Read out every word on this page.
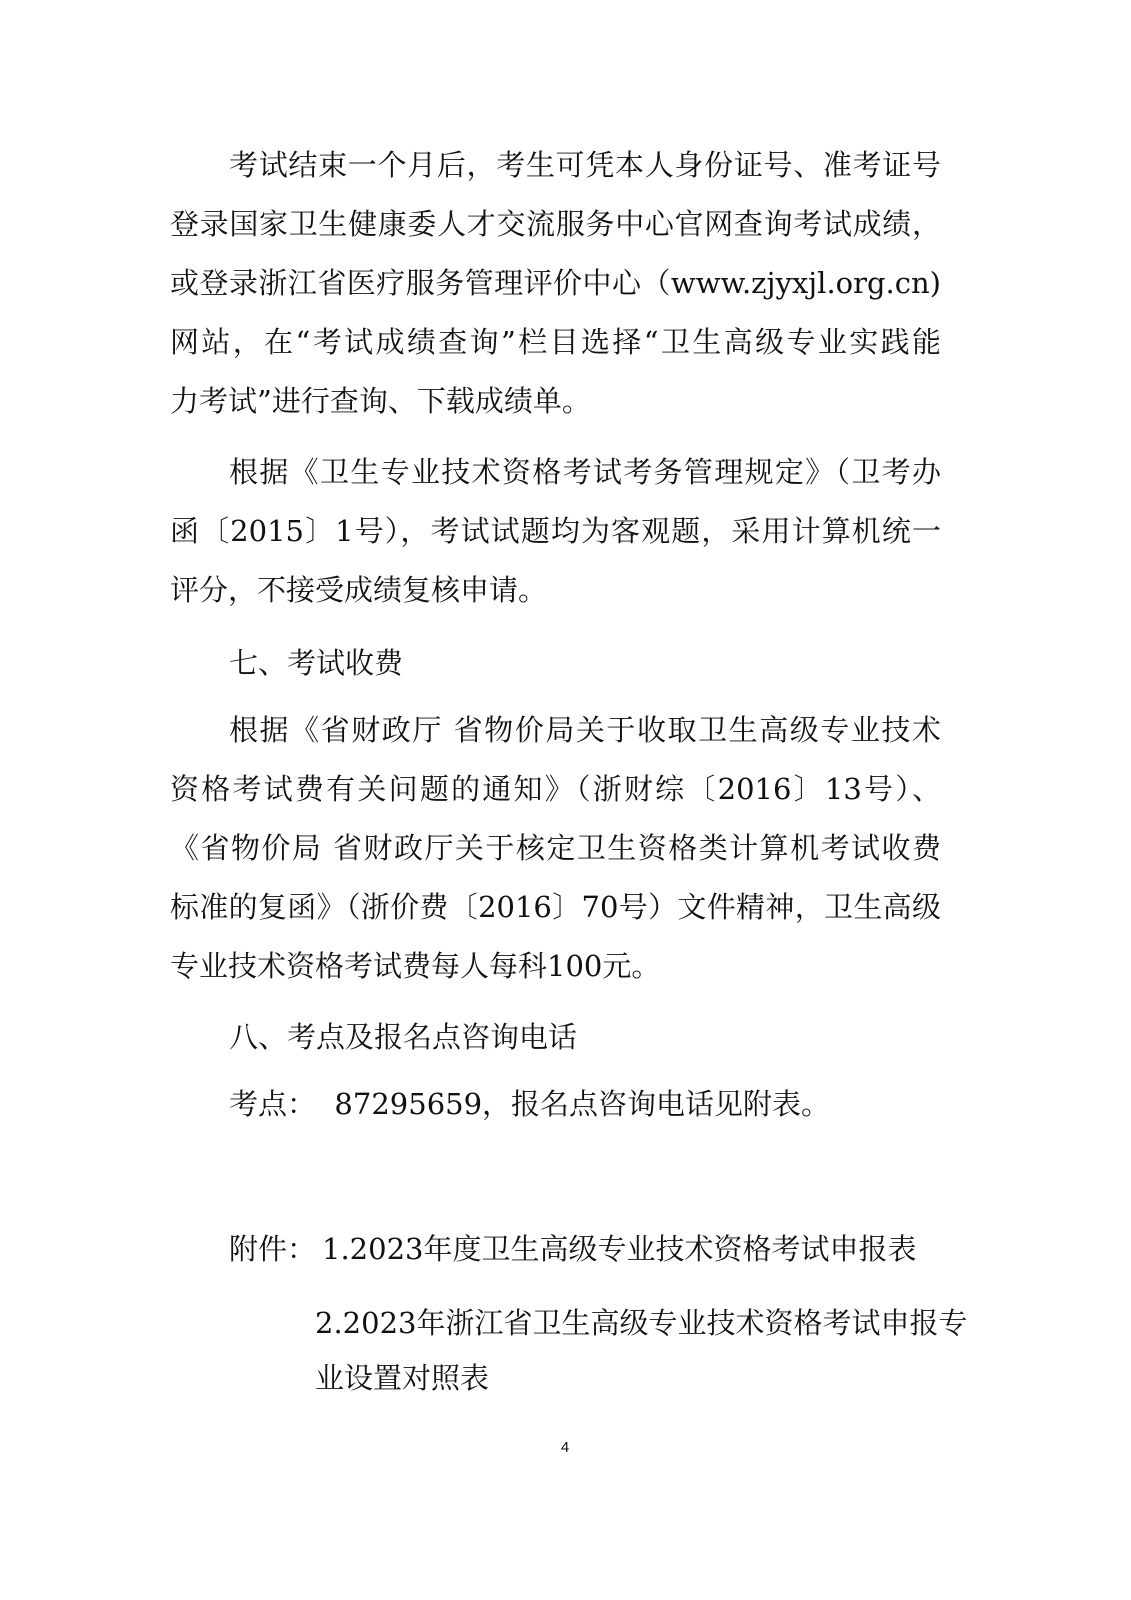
考试结束一个月后，考生可凭本人身份证号、准考证号
登录国家卫生健康委人才交流服务中心官网查询考试成绩，
或登录浙江省医疗服务管理评价中心（www.zjyxjl.org.cn)
网站，在“考试成绩查询”栏目选择“卫生高级专业实践能
力考试”进行查询、下载成绩单。
根据《卫生专业技术资格考试考务管理规定》（卫考办
函〔2015〕1号），考试试题均为客观题，采用计算机统一
评分，不接受成绩复核申请。
七、考试收费
根据《省财政厅 省物价局关于收取卫生高级专业技术
资格考试费有关问题的通知》（浙财综〔2016〕13号）、
《省物价局 省财政厅关于核定卫生资格类计算机考试收费
标准的复函》（浙价费〔2016〕70号）文件精神，卫生高级
专业技术资格考试费每人每科100元。
八、考点及报名点咨询电话
考点：  87295659，报名点咨询电话见附表。
附件： 1.2023年度卫生高级专业技术资格考试申报表
2.2023年浙江省卫生高级专业技术资格考试申报专
业设置对照表
4
